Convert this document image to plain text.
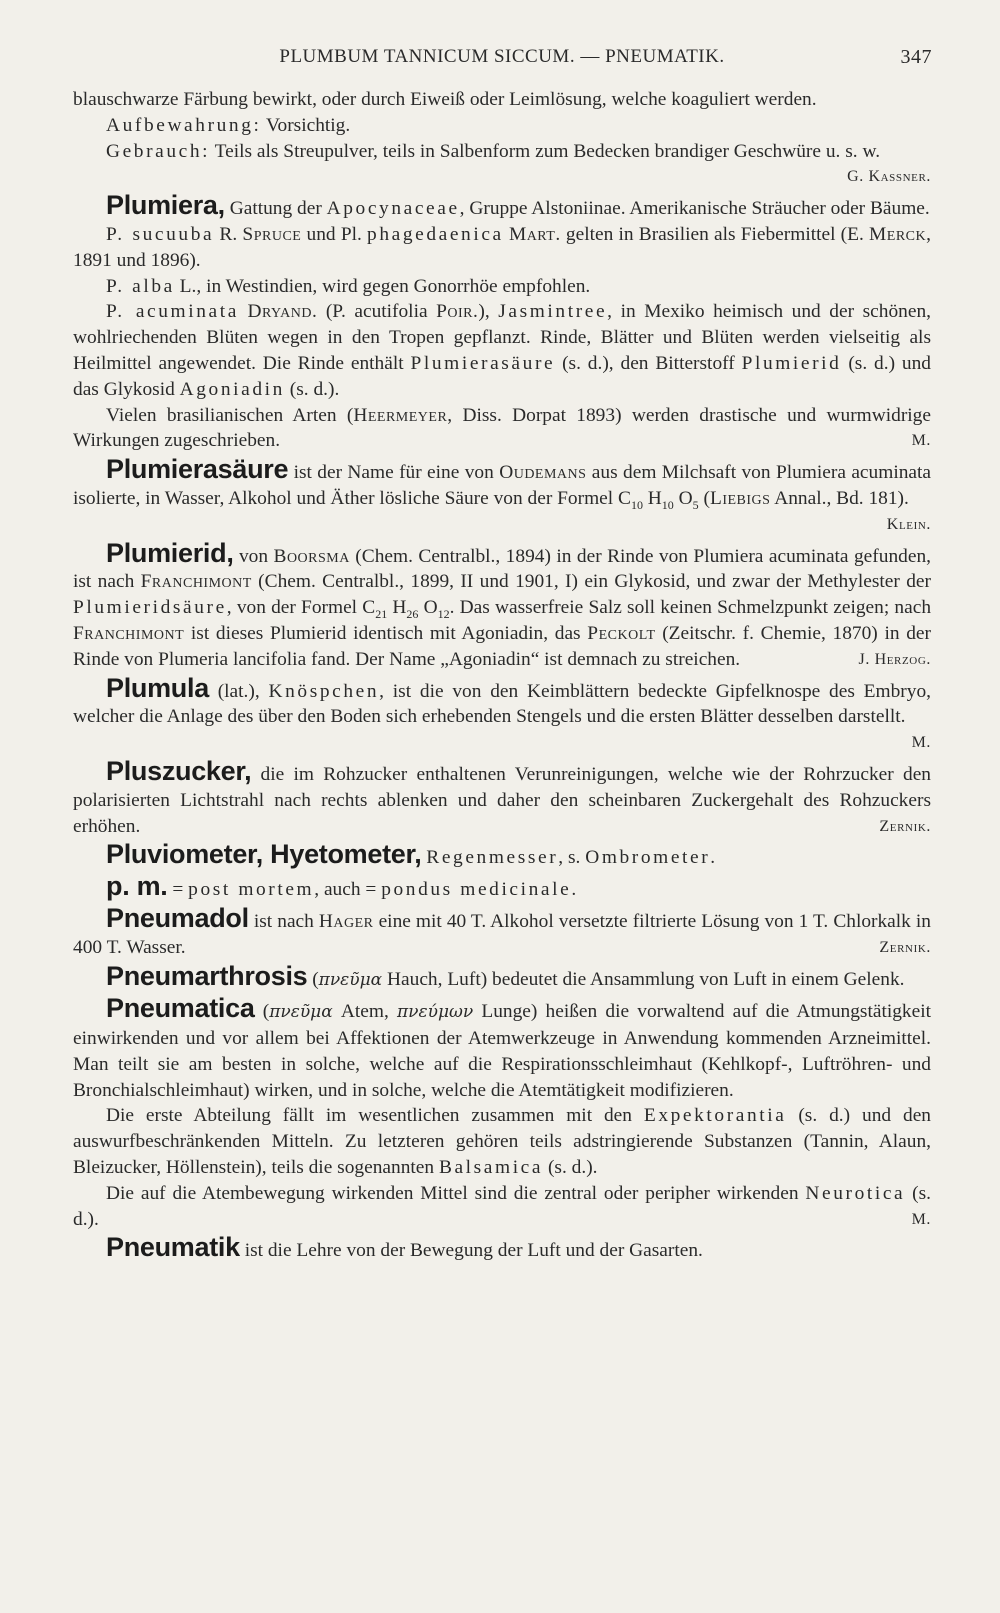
PLUMBUM TANNICUM SICCUM. — PNEUMATIK.	347

blauschwarze Färbung bewirkt, oder durch Eiweiß oder Leimlösung, welche koaguliert werden.

Aufbewahrung: Vorsichtig.

Gebrauch: Teils als Streupulver, teils in Salbenform zum Bedecken brandiger Geschwüre u. s. w.
G. Kassner.

Plumiera, Gattung der Apocynaceae, Gruppe Alstoniinae. Amerikanische Sträucher oder Bäume.

P. sucuuba R. Spruce und Pl. phagedaenica Mart. gelten in Brasilien als Fiebermittel (E. Merck, 1891 und 1896).

P. alba L., in Westindien, wird gegen Gonorrhöe empfohlen.

P. acuminata Dryand. (P. acutifolia Poir.), Jasmintree, in Mexiko heimisch und der schönen, wohlriechenden Blüten wegen in den Tropen gepflanzt. Rinde, Blätter und Blüten werden vielseitig als Heilmittel angewendet. Die Rinde enthält Plumierasäure (s. d.), den Bitterstoff Plumierid (s. d.) und das Glykosid Agoniadin (s. d.).

Vielen brasilianischen Arten (Heermeyer, Diss. Dorpat 1893) werden drastische und wurmwidrige Wirkungen zugeschrieben.	M.

Plumierasäure ist der Name für eine von Oudemans aus dem Milchsaft von Plumiera acuminata isolierte, in Wasser, Alkohol und Äther lösliche Säure von der Formel $C_{10}$ $H_{10}$ $O_5$ (Liebigs Annal., Bd. 181).
Klein.

Plumierid, von Boorsma (Chem. Centralbl., 1894) in der Rinde von Plumiera acuminata gefunden, ist nach Franchimont (Chem. Centralbl., 1899, II und 1901, I) ein Glykosid, und zwar der Methylester der Plumieridsäure, von der Formel $C_{21}$ $H_{26}$ $O_{12}$. Das wasserfreie Salz soll keinen Schmelzpunkt zeigen; nach Franchimont ist dieses Plumierid identisch mit Agoniadin, das Peckolt (Zeitschr. f. Chemie, 1870) in der Rinde von Plumeria lancifolia fand. Der Name „Agoniadin“ ist demnach zu streichen.	J. Herzog.

Plumula (lat.), Knöspchen, ist die von den Keimblättern bedeckte Gipfelknospe des Embryo, welcher die Anlage des über den Boden sich erhebenden Stengels und die ersten Blätter desselben darstellt.
M.

Pluszucker, die im Rohzucker enthaltenen Verunreinigungen, welche wie der Rohrzucker den polarisierten Lichtstrahl nach rechts ablenken und daher den scheinbaren Zuckergehalt des Rohzuckers erhöhen.	Zernik.

Pluviometer, Hyetometer, Regenmesser, s. Ombrometer.

p. m. = post mortem, auch = pondus medicinale.

Pneumadol ist nach Hager eine mit 40 T. Alkohol versetzte filtrierte Lösung von 1 T. Chlorkalk in 400 T. Wasser.	Zernik.

Pneumarthrosis (πνεῦμα Hauch, Luft) bedeutet die Ansammlung von Luft in einem Gelenk.

Pneumatica (πνεῦμα Atem, πνεύμων Lunge) heißen die vorwaltend auf die Atmungstätigkeit einwirkenden und vor allem bei Affektionen der Atemwerkzeuge in Anwendung kommenden Arzneimittel. Man teilt sie am besten in solche, welche auf die Respirationsschleimhaut (Kehlkopf-, Luftröhren- und Bronchialschleimhaut) wirken, und in solche, welche die Atemtätigkeit modifizieren.

Die erste Abteilung fällt im wesentlichen zusammen mit den Expektorantia (s. d.) und den auswurfbeschränkenden Mitteln. Zu letzteren gehören teils adstringierende Substanzen (Tannin, Alaun, Bleizucker, Höllenstein), teils die sogenannten Balsamica (s. d.).

Die auf die Atembewegung wirkenden Mittel sind die zentral oder peripher wirkenden Neurotica (s. d.).	M.

Pneumatik ist die Lehre von der Bewegung der Luft und der Gasarten.
